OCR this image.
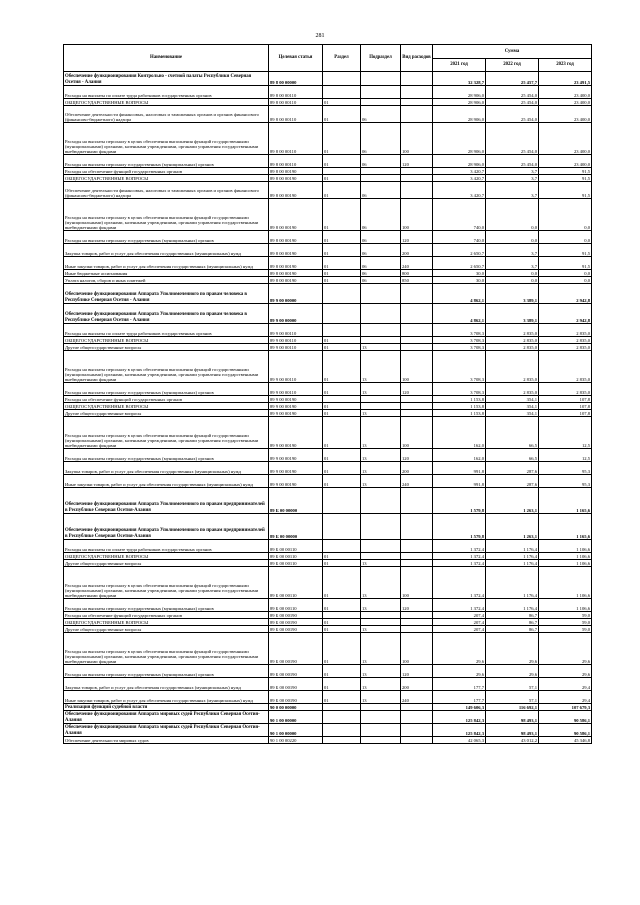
281
Наименование	Целевая статья	Раздел	Подраздел	Вид расходов	Сумма		
					2021 год	2022 год	2023 год
Обеспечение функционирования Контрольно - счетной палаты Республики Северная Осетия - Алания	89 8 00 00000				32 328,7	25 457,7	23 491,5
Расходы на выплаты по оплате труда работников государственных органов	89 8 00 00110				28 906,0	25 454,0	23 400,0
ОБЩЕГОСУДАРСТВЕННЫЕ ВОПРОСЫ	89 8 00 00110	01			28 906,0	25 454,0	23 400,0
Обеспечение деятельности финансовых, налоговых и таможенных органов и органов финансового (финансово-бюджетного) надзора	89 8 00 00110	01	06		28 906,0	25 454,0	23 400,0
Расходы на выплаты персоналу в целях обеспечения выполнения функций государственными (муниципальными) органами, казенными учреждениями, органами управления государственными внебюджетными фондами	89 8 00 00110	01	06	100	28 906,0	25 454,0	23 400,0
Расходы на выплаты персоналу государственных (муниципальных) органов	89 8 00 00110	01	06	120	28 906,0	25 454,0	23 400,0
Расходы на обеспечение функций государственных органов	89 8 00 00190				3 420,7	3,7	91,5
ОБЩЕГОСУДАРСТВЕННЫЕ ВОПРОСЫ	89 8 00 00190	01			3 420,7	3,7	91,5
Обеспечение деятельности финансовых, налоговых и таможенных органов и органов финансового (финансово-бюджетного) надзора	89 8 00 00190	01	06		3 420,7	3,7	91,5
Расходы на выплаты персоналу в целях обеспечения выполнения функций государственными (муниципальными) органами, казенными учреждениями, органами управления государственными внебюджетными фондами	89 8 00 00190	01	06	100	740,0	0,0	0,0
Расходы на выплаты персоналу государственных (муниципальных) органов	89 8 00 00190	01	06	120	740,0	0,0	0,0
Закупка товаров, работ и услуг для обеспечения государственных (муниципальных) нужд	89 8 00 00190	01	06	200	2 650,7	3,7	91,5
Иные закупки товаров, работ и услуг для обеспечения государственных (муниципальных) нужд	89 8 00 00190	01	06	240	2 650,7	3,7	91,5
Иные бюджетные ассигнования	89 8 00 00190	01	06	800	30,0	0,0	0,0
Уплата налогов, сборов и иных платежей	89 8 00 00190	01	06	850	30,0	0,0	0,0
Обеспечение функционирования Аппарата Уполномоченного по правам человека в Республике Северная Осетия - Алания	89 9 00 00000				4 862,1	3 389,1	2 942,8
Обеспечение функционирования Аппарата Уполномоченного по правам человека в Республике Северная Осетия - Алания	89 9 00 00000				4 862,1	3 389,1	2 942,8
Расходы на выплаты по оплате труда работников государственных органов	89 9 00 00110				3 708,3	2 835,0	2 835,0
ОБЩЕГОСУДАРСТВЕННЫЕ ВОПРОСЫ	89 9 00 00110	01			3 708,3	2 835,0	2 835,0
Другие общегосударственные вопросы	89 9 00 00110	01	13		3 708,3	2 835,0	2 835,0
Расходы на выплаты персоналу в целях обеспечения выполнения функций государственными (муниципальными) органами, казенными учреждениями, органами управления государственными внебюджетными фондами	89 9 00 00110	01	13	100	3 708,3	2 835,0	2 835,0
Расходы на выплаты персоналу государственных (муниципальных) органов	89 9 00 00110	01	13	120	3 708,3	2 835,0	2 835,0
Расходы на обеспечение функций государственных органов	89 9 00 00190				1 153,8	354,1	107,8
ОБЩЕГОСУДАРСТВЕННЫЕ ВОПРОСЫ	89 9 00 00190	01			1 153,8	354,1	107,8
Другие общегосударственные вопросы	89 9 00 00190	01	13		1 153,8	354,1	107,8
Расходы на выплаты персоналу в целях обеспечения выполнения функций государственными (муниципальными) органами, казенными учреждениями, органами управления государственными внебюджетными фондами	89 9 00 00190	01	13	100	162,0	66,5	12,5
Расходы на выплаты персоналу государственных (муниципальных) органов	89 9 00 00190	01	13	120	162,0	66,5	12,5
Закупка товаров, работ и услуг для обеспечения государственных (муниципальных) нужд	89 9 00 00190	01	13	200	991,8	287,6	95,3
Иные закупки товаров, работ и услуг для обеспечения государственных (муниципальных) нужд	89 9 00 00190	01	13	240	991,8	287,6	95,3
Обеспечение функционирования Аппарата Уполномоченного по правам предпринимателей в Республике Северная Осетия-Алания	89 Б 00 00000				1 579,8	1 263,1	1 165,6
Обеспечение функционирования Аппарата Уполномоченного по правам предпринимателей в Республике Северная Осетия-Алания	89 Б 00 00000				1 579,8	1 263,1	1 165,6
Расходы на выплаты по оплате труда работников государственных органов	89 Б 00 00110				1 372,4	1 176,4	1 106,6
ОБЩЕГОСУДАРСТВЕННЫЕ ВОПРОСЫ	89 Б 00 00110	01			1 372,4	1 176,4	1 106,6
Другие общегосударственные вопросы	89 Б 00 00110	01	13		1 372,4	1 176,4	1 106,6
Расходы на выплаты персоналу в целях обеспечения выполнения функций государственными (муниципальными) органами, казенными учреждениями, органами управления государственными внебюджетными фондами	89 Б 00 00110	01	13	100	1 372,4	1 176,4	1 106,6
Расходы на выплаты персоналу государственных (муниципальных) органов	89 Б 00 00110	01	13	120	1 372,4	1 176,4	1 106,6
Расходы на обеспечение функций государственных органов	89 Б 00 00190				207,4	86,7	59,0
ОБЩЕГОСУДАРСТВЕННЫЕ ВОПРОСЫ	89 Б 00 00190	01			207,4	86,7	59,0
Другие общегосударственные вопросы	89 Б 00 00190	01	13		207,4	86,7	59,0
Расходы на выплаты персоналу в целях обеспечения выполнения функций государственными (муниципальными) органами, казенными учреждениями, органами управления государственными внебюджетными фондами	89 Б 00 00190	01	13	100	29,6	29,6	29,6
Расходы на выплаты персоналу государственных (муниципальных) органов	89 Б 00 00190	01	13	120	29,6	29,6	29,6
Закупка товаров, работ и услуг для обеспечения государственных (муниципальных) нужд	89 Б 00 00190	01	13	200	177,7	57,1	29,4
Иные закупки товаров, работ и услуг для обеспечения государственных (муниципальных) нужд	89 Б 00 00190	01	13	240	177,7	57,1	29,4
Реализация функций судебной власти	90 0 00 00000				149 606,3	116 692,1	107 679,3
Обеспечение функционирования Аппарата мировых судей Республики Северная Осетия-Алания	90 1 00 00000				125 842,3	98 493,1	90 586,1
Обеспечение функционирования Аппарата мировых судей Республики Северная Осетия-Алания	90 1 00 00000				125 842,3	98 493,1	90 586,1
Обеспечение деятельности мировых судов	90 1 00 00220				42 065,3	43 012,2	45 346,8
